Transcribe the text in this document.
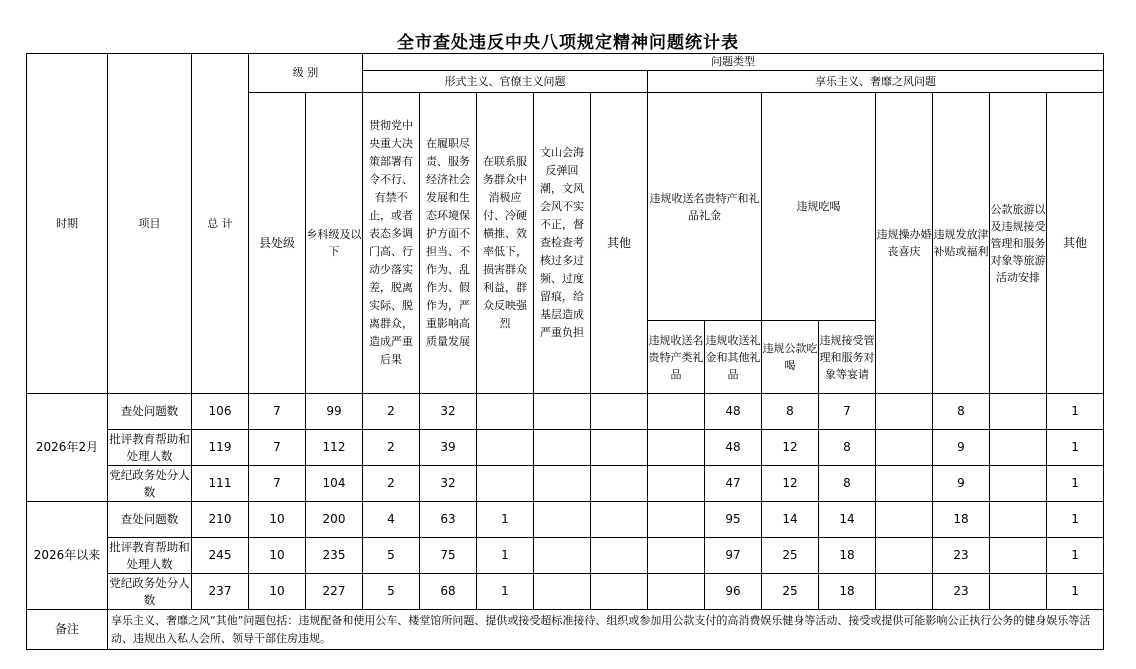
全市查处违反中央八项规定精神问题统计表
时期	项目	总 计	级 别		问题类型												
					形式主义、官僚主义问题					享乐主义、奢靡之风问题							
			县处级	乡科级及以下	贯彻党中央重大决策部署有令不行、有禁不止，或者表态多调门高、行动少落实差，脱离实际、脱离群众，造成严重后果	在履职尽责、服务经济社会发展和生态环境保护方面不担当、不作为、乱作为、假作为，严重影响高质量发展	在联系服务群众中消极应付、冷硬横推、效率低下，损害群众利益，群众反映强烈	文山会海反弹回潮，文风会风不实不正，督查检查考核过多过频、过度留痕，给基层造成严重负担	其他	违规收送名贵特产和礼品礼金		违规吃喝		违规操办婚丧喜庆	违规发放津补贴或福利	公款旅游以及违规接受管理和服务对象等旅游活动安排	其他
										违规收送名贵特产类礼品	违规收送礼金和其他礼品	违规公款吃喝	违规接受管理和服务对象等宴请				
2026年2月	查处问题数	106	7	99	2	32					48	8	7		8		1
	批评教育帮助和处理人数	119	7	112	2	39					48	12	8		9		1
	党纪政务处分人数	111	7	104	2	32					47	12	8		9		1
2026年以来	查处问题数	210	10	200	4	63	1				95	14	14		18		1
	批评教育帮助和处理人数	245	10	235	5	75	1				97	25	18		23		1
	党纪政务处分人数	237	10	227	5	68	1				96	25	18		23		1
备注	享乐主义、奢靡之风“其他”问题包括：违规配备和使用公车、楼堂馆所问题、提供或接受超标准接待、组织或参加用公款支付的高消费娱乐健身等活动、接受或提供可能影响公正执行公务的健身娱乐等活动、违规出入私人会所、领导干部住房违规。																
